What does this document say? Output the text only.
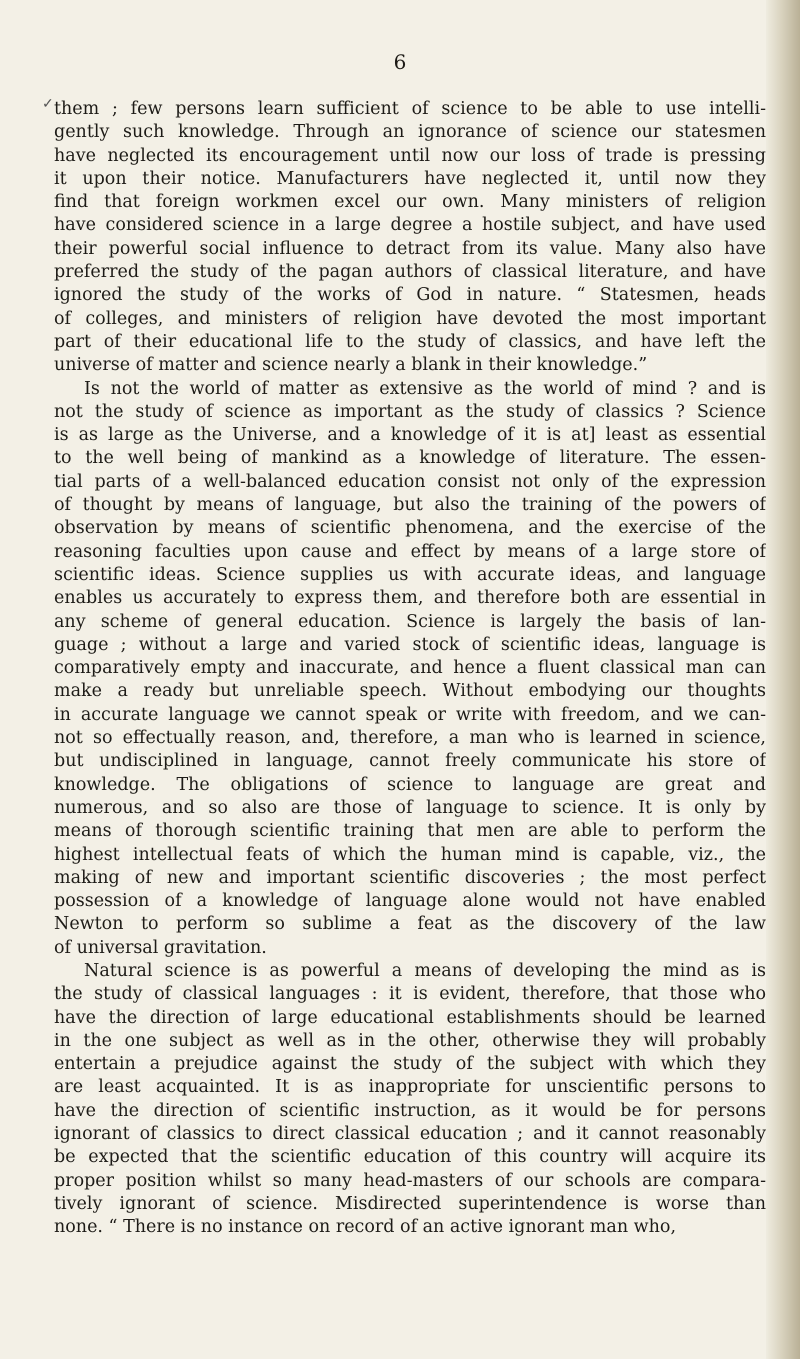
✓
6
them ; few persons learn sufficient of science to be able to use intelli-
gently such knowledge. Through an ignorance of science our statesmen
have neglected its encouragement until now our loss of trade is pressing
it upon their notice. Manufacturers have neglected it, until now they
find that foreign workmen excel our own. Many ministers of religion
have considered science in a large degree a hostile subject, and have used
their powerful social influence to detract from its value. Many also have
preferred the study of the pagan authors of classical literature, and have
ignored the study of the works of God in nature. “ Statesmen, heads
of colleges, and ministers of religion have devoted the most important
part of their educational life to the study of classics, and have left the
universe of matter and science nearly a blank in their knowledge.”
Is not the world of matter as extensive as the world of mind ? and is
not the study of science as important as the study of classics ? Science
is as large as the Universe, and a knowledge of it is at] least as essential
to the well being of mankind as a knowledge of literature. The essen-
tial parts of a well-balanced education consist not only of the expression
of thought by means of language, but also the training of the powers of
observation by means of scientific phenomena, and the exercise of the
reasoning faculties upon cause and effect by means of a large store of
scientific ideas. Science supplies us with accurate ideas, and language
enables us accurately to express them, and therefore both are essential in
any scheme of general education. Science is largely the basis of lan-
guage ; without a large and varied stock of scientific ideas, language is
comparatively empty and inaccurate, and hence a fluent classical man can
make a ready but unreliable speech. Without embodying our thoughts
in accurate language we cannot speak or write with freedom, and we can-
not so effectually reason, and, therefore, a man who is learned in science,
but undisciplined in language, cannot freely communicate his store of
knowledge. The obligations of science to language are great and
numerous, and so also are those of language to science. It is only by
means of thorough scientific training that men are able to perform the
highest intellectual feats of which the human mind is capable, viz., the
making of new and important scientific discoveries ; the most perfect
possession of a knowledge of language alone would not have enabled
Newton to perform so sublime a feat as the discovery of the law
of universal gravitation.
Natural science is as powerful a means of developing the mind as is
the study of classical languages : it is evident, therefore, that those who
have the direction of large educational establishments should be learned
in the one subject as well as in the other, otherwise they will probably
entertain a prejudice against the study of the subject with which they
are least acquainted. It is as inappropriate for unscientific persons to
have the direction of scientific instruction, as it would be for persons
ignorant of classics to direct classical education ; and it cannot reasonably
be expected that the scientific education of this country will acquire its
proper position whilst so many head-masters of our schools are compara-
tively ignorant of science. Misdirected superintendence is worse than
none. “ There is no instance on record of an active ignorant man who,
